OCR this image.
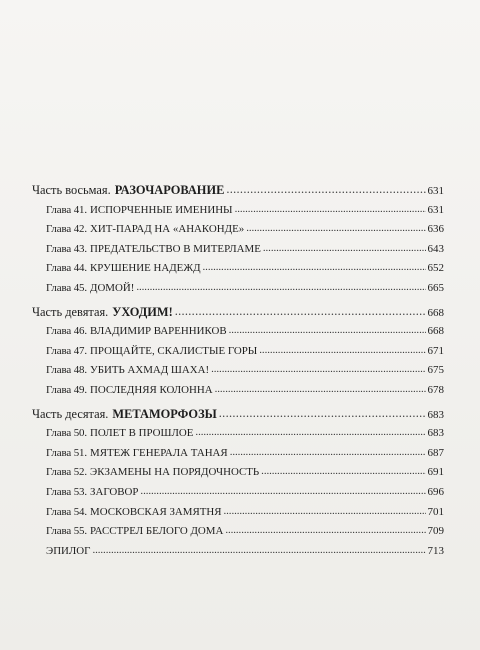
Часть восьмая. РАЗОЧАРОВАНИЕ . . .	631
Глава 41. ИСПОРЧЕННЫЕ ИМЕНИНЫ . . .	631
Глава 42. ХИТ-ПАРАД НА «АНАКОНДЕ» . . .	636
Глава 43. ПРЕДАТЕЛЬСТВО В МИТЕРЛАМЕ . . .	643
Глава 44. КРУШЕНИЕ НАДЕЖД . . .	652
Глава 45. ДОМОЙ! . . .	665
Часть девятая. УХОДИМ! . . .	668
Глава 46. ВЛАДИМИР ВАРЕННИКОВ . . .	668
Глава 47. ПРОЩАЙТЕ, СКАЛИСТЫЕ ГОРЫ . . .	671
Глава 48. УБИТЬ АХМАД ШАХА! . . .	675
Глава 49. ПОСЛЕДНЯЯ КОЛОННА . . .	678
Часть десятая. МЕТАМОРФОЗЫ . . .	683
Глава 50. ПОЛЕТ В ПРОШЛОЕ . . .	683
Глава 51. МЯТЕЖ ГЕНЕРАЛА ТАНАЯ . . .	687
Глава 52. ЭКЗАМЕНЫ НА ПОРЯДОЧНОСТЬ . . .	691
Глава 53. ЗАГОВОР . . .	696
Глава 54. МОСКОВСКАЯ ЗАМЯТНЯ . . .	701
Глава 55. РАССТРЕЛ БЕЛОГО ДОМА . . .	709
ЭПИЛОГ . . .	713
